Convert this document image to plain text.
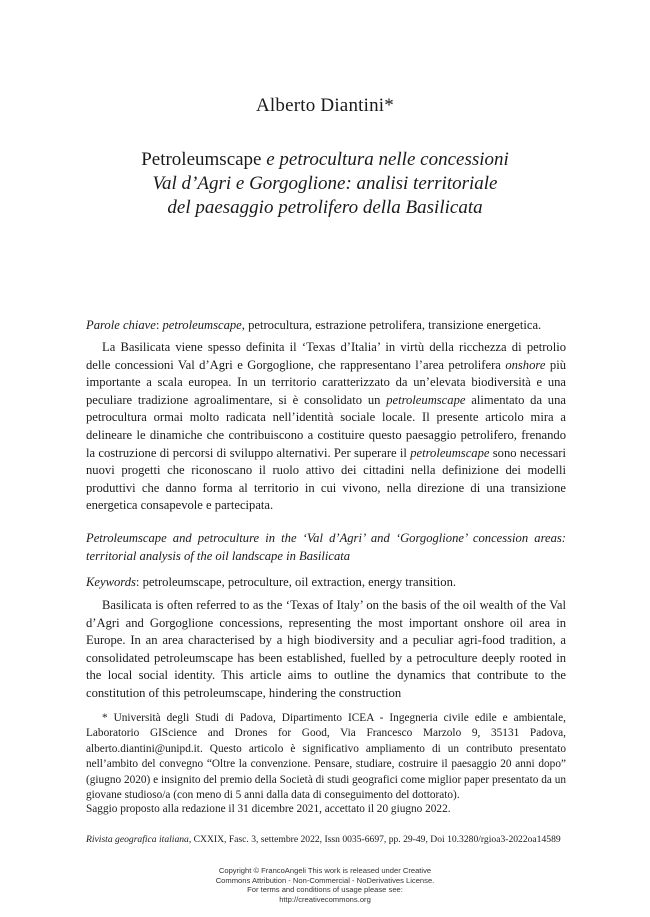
Alberto Diantini*
Petroleumscape e petrocultura nelle concessioni
Val d’Agri e Gorgoglione: analisi territoriale
del paesaggio petrolifero della Basilicata
Parole chiave: petroleumscape, petrocultura, estrazione petrolifera, transizione energetica.
La Basilicata viene spesso definita il ‘Texas d’Italia’ in virtù della ricchezza di petrolio delle concessioni Val d’Agri e Gorgoglione, che rappresentano l’area petrolifera onshore più importante a scala europea. In un territorio caratterizzato da un’elevata biodiversità e una peculiare tradizione agroalimentare, si è consolidato un petroleumscape alimentato da una petrocultura ormai molto radicata nell’identità sociale locale. Il presente articolo mira a delineare le dinamiche che contribuiscono a costituire questo paesaggio petrolifero, frenando la costruzione di percorsi di sviluppo alternativi. Per superare il petroleumscape sono necessari nuovi progetti che riconoscano il ruolo attivo dei cittadini nella definizione dei modelli produttivi che danno forma al territorio in cui vivono, nella direzione di una transizione energetica consapevole e partecipata.
Petroleumscape and petroculture in the ‘Val d’Agri’ and ‘Gorgoglione’ concession areas: territorial analysis of the oil landscape in Basilicata
Keywords: petroleumscape, petroculture, oil extraction, energy transition.
Basilicata is often referred to as the ‘Texas of Italy’ on the basis of the oil wealth of the Val d’Agri and Gorgoglione concessions, representing the most important onshore oil area in Europe. In an area characterised by a high biodiversity and a peculiar agri-food tradition, a consolidated petroleumscape has been established, fuelled by a petroculture deeply rooted in the local social identity. This article aims to outline the dynamics that contribute to the constitution of this petroleumscape, hindering the construction
* Università degli Studi di Padova, Dipartimento ICEA - Ingegneria civile edile e ambientale, Laboratorio GIScience and Drones for Good, Via Francesco Marzolo 9, 35131 Padova, alberto.diantini@unipd.it. Questo articolo è significativo ampliamento di un contributo presentato nell’ambito del convegno “Oltre la convenzione. Pensare, studiare, costruire il paesaggio 20 anni dopo” (giugno 2020) e insignito del premio della Società di studi geografici come miglior paper presentato da un giovane studioso/a (con meno di 5 anni dalla data di conseguimento del dottorato).
Saggio proposto alla redazione il 31 dicembre 2021, accettato il 20 giugno 2022.
Rivista geografica italiana, CXXIX, Fasc. 3, settembre 2022, Issn 0035-6697, pp. 29-49, Doi 10.3280/rgioa3-2022oa14589
Copyright © FrancoAngeli This work is released under Creative
Commons Attribution - Non-Commercial - NoDerivatives License.
For terms and conditions of usage please see:
http://creativecommons.org
